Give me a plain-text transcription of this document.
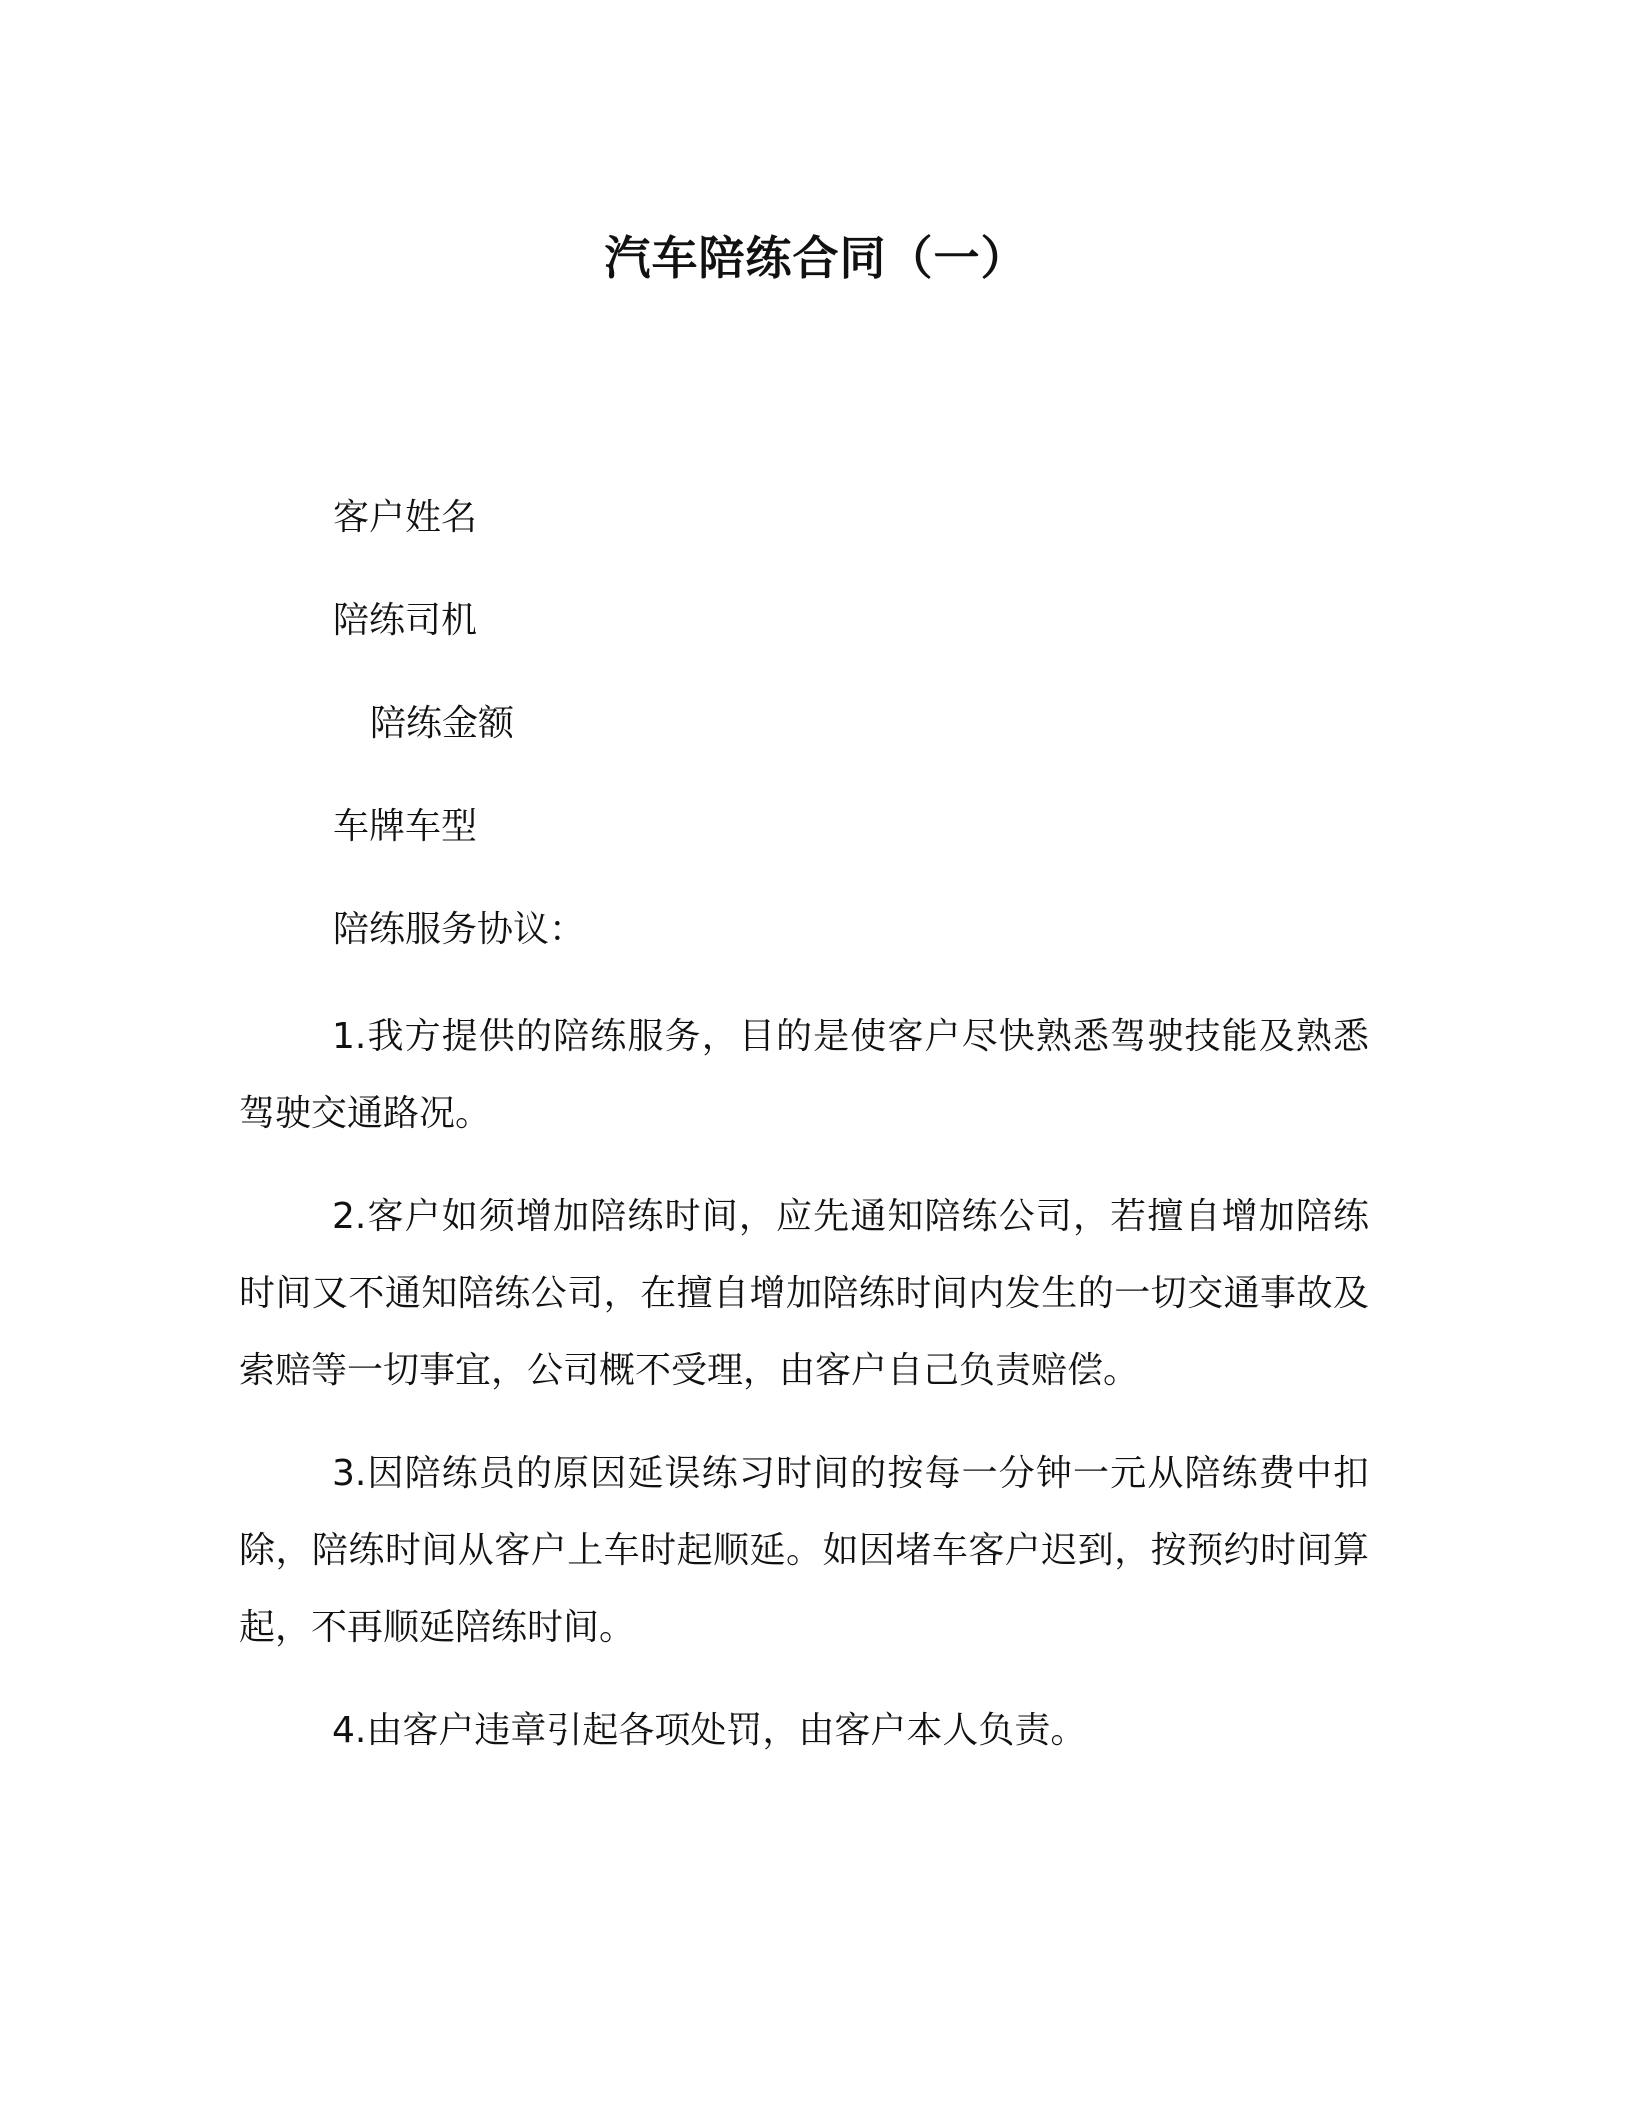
汽车陪练合同（一）
客户姓名
陪练司机
陪练金额
车牌车型
陪练服务协议：
1.我方提供的陪练服务，目的是使客户尽快熟悉驾驶技能及熟悉驾驶交通路况。
2.客户如须增加陪练时间，应先通知陪练公司，若擅自增加陪练时间又不通知陪练公司，在擅自增加陪练时间内发生的一切交通事故及索赔等一切事宜，公司概不受理，由客户自己负责赔偿。
3.因陪练员的原因延误练习时间的按每一分钟一元从陪练费中扣除，陪练时间从客户上车时起顺延。如因堵车客户迟到，按预约时间算起，不再顺延陪练时间。
4.由客户违章引起各项处罚，由客户本人负责。
